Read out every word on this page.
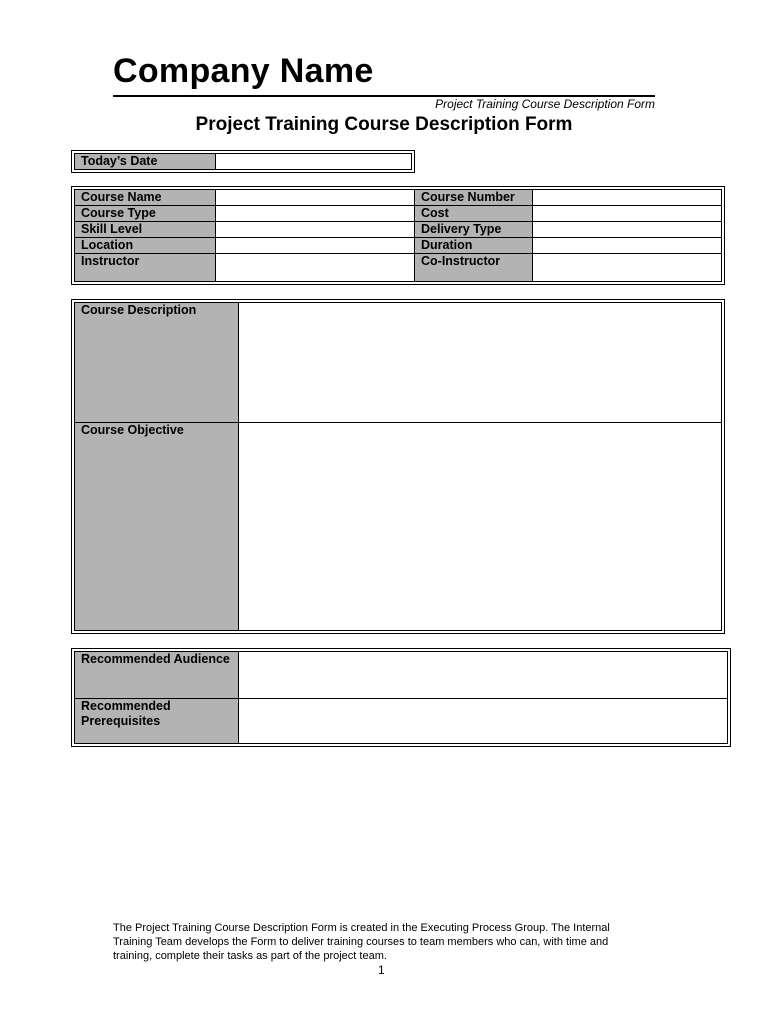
Company Name
Project Training Course Description Form
Project Training Course Description Form
Today’s Date	
Course Name		Course Number	
Course Type		Cost	
Skill Level		Delivery Type	
Location		Duration	
Instructor		Co-Instructor	
Course Description	
Course Objective	
Recommended Audience	
Recommended Prerequisites	
The Project Training Course Description Form is created in the Executing Process Group. The Internal Training Team develops the Form to deliver training courses to team members who can, with time and training, complete their tasks as part of the project team.
1
